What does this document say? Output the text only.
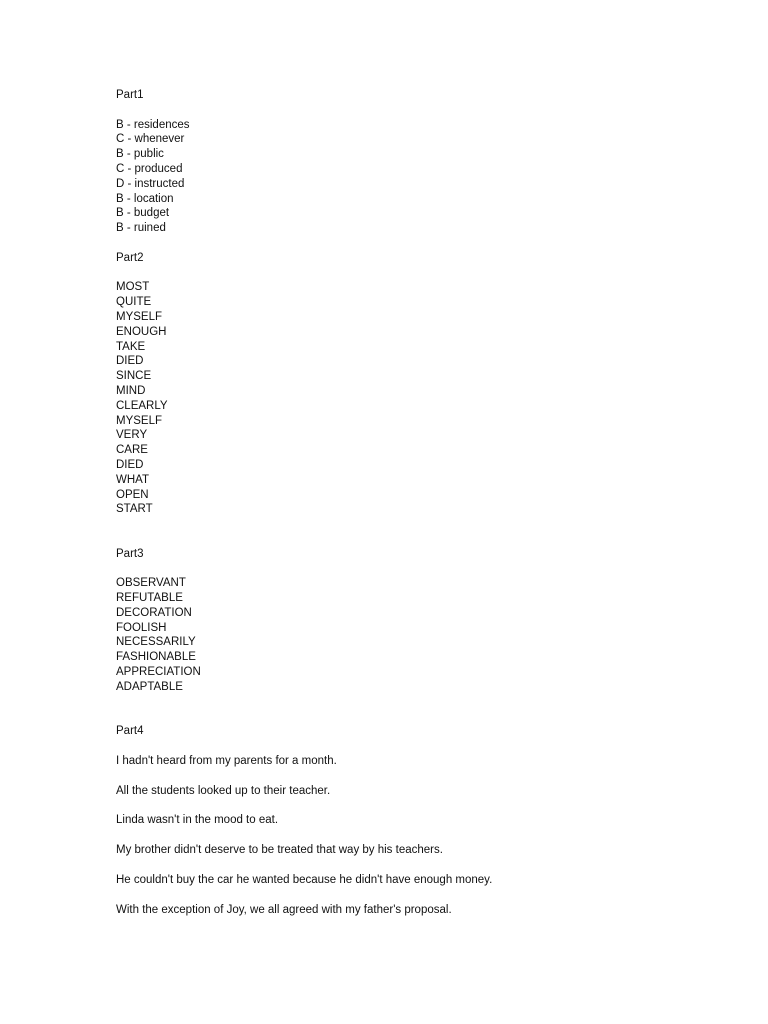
Part1
B - residences
C - whenever
B - public
C - produced
D - instructed
B - location
B - budget
B - ruined
Part2
MOST
QUITE
MYSELF
ENOUGH
TAKE
DIED
SINCE
MIND
CLEARLY
MYSELF
VERY
CARE
DIED
WHAT
OPEN
START
Part3
OBSERVANT
REFUTABLE
DECORATION
FOOLISH
NECESSARILY
FASHIONABLE
APPRECIATION
ADAPTABLE
Part4
I hadn't heard from my parents for a month.
All the students looked up to their teacher.
Linda wasn't in the mood to eat.
My brother didn't deserve to be treated that way by his teachers.
He couldn't buy the car he wanted because he didn't have enough money.
With the exception of Joy, we all agreed with my father's proposal.
